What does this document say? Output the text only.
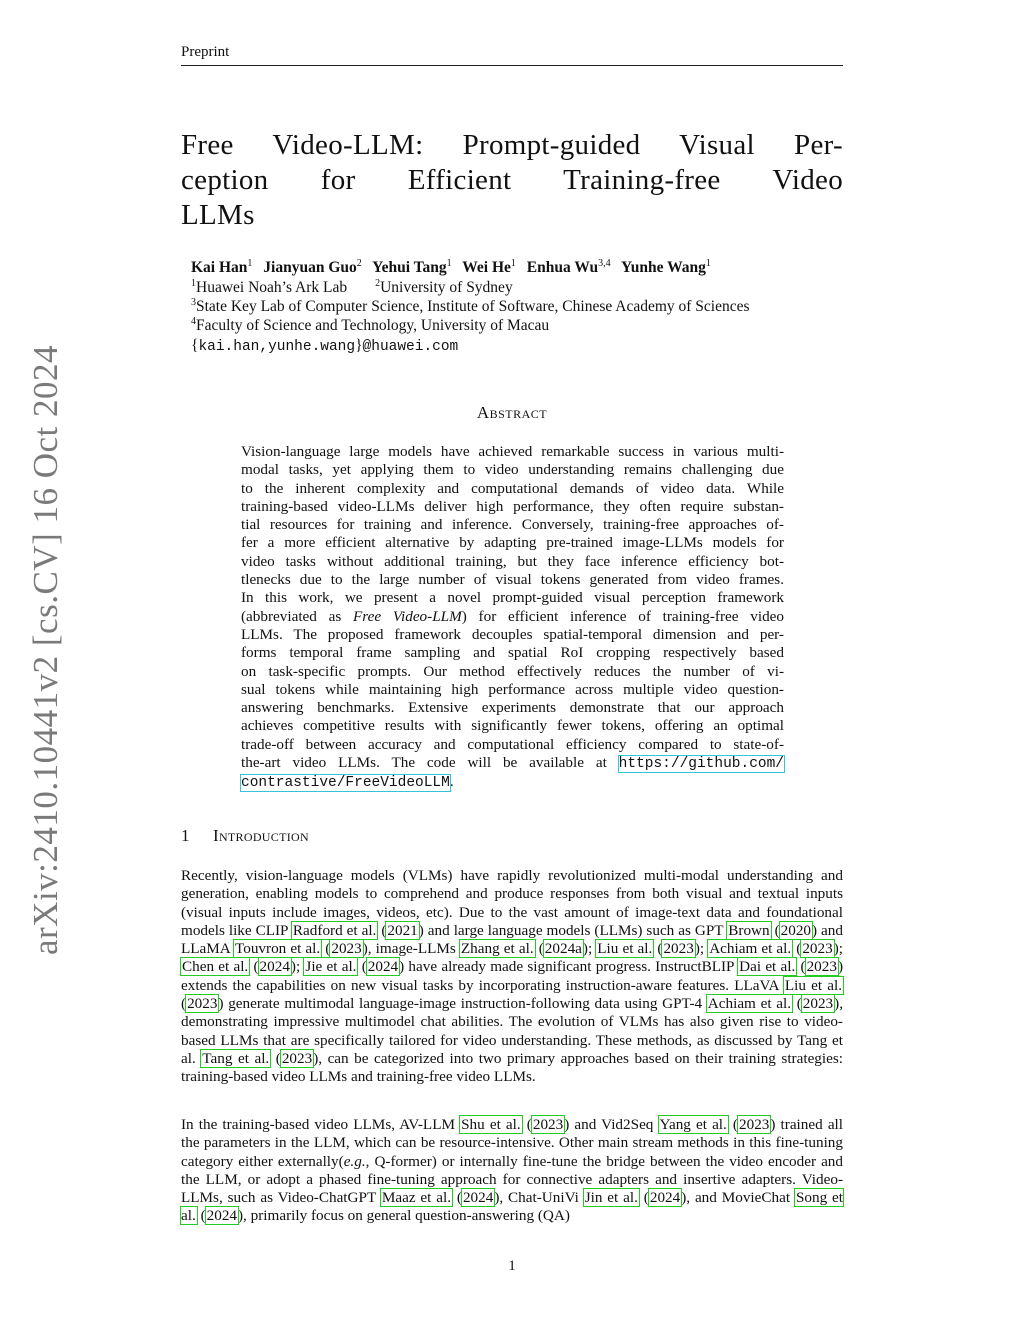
Preprint
arXiv:2410.10441v2 [cs.CV] 16 Oct 2024
Free Video-LLM: Prompt-guided Visual Per-
ception for Efficient Training-free Video
LLMs
Kai Han$^1$ Jianyuan Guo$^2$ Yehui Tang$^1$ Wei He$^1$ Enhua Wu$^{3,4}$ Yunhe Wang$^1$
$^1$Huawei Noah’s Ark Lab	$^2$University of Sydney
$^3$State Key Lab of Computer Science, Institute of Software, Chinese Academy of Sciences
$^4$Faculty of Science and Technology, University of Macau
{kai.han,yunhe.wang}@huawei.com
Abstract
Vision-language large models have achieved remarkable success in various multi- modal tasks, yet applying them to video understanding remains challenging due to the inherent complexity and computational demands of video data. While training-based video-LLMs deliver high performance, they often require substan- tial resources for training and inference. Conversely, training-free approaches of- fer a more efficient alternative by adapting pre-trained image-LLMs models for video tasks without additional training, but they face inference efficiency bot- tlenecks due to the large number of visual tokens generated from video frames. In this work, we present a novel prompt-guided visual perception framework (abbreviated as Free Video-LLM) for efficient inference of training-free video LLMs. The proposed framework decouples spatial-temporal dimension and per- forms temporal frame sampling and spatial RoI cropping respectively based on task-specific prompts. Our method effectively reduces the number of vi- sual tokens while maintaining high performance across multiple video question- answering benchmarks. Extensive experiments demonstrate that our approach achieves competitive results with significantly fewer tokens, offering an optimal trade-off between accuracy and computational efficiency compared to state-of- the-art video LLMs. The code will be available at https://github.com/
contrastive/FreeVideoLLM.
1 Introduction
Recently, vision-language models (VLMs) have rapidly revolutionized multi-modal understanding and generation, enabling models to comprehend and produce responses from both visual and textual inputs (visual inputs include images, videos, etc). Due to the vast amount of image-text data and foundational models like CLIP Radford et al. (2021) and large language models (LLMs) such as GPT Brown (2020) and LLaMA Touvron et al. (2023), image-LLMs Zhang et al. (2024a); Liu et al. (2023); Achiam et al. (2023); Chen et al. (2024); Jie et al. (2024) have already made significant progress. InstructBLIP Dai et al. (2023) extends the capabilities on new visual tasks by incorporating instruction-aware features. LLaVA Liu et al. (2023) generate multimodal language-image instruction-following data using GPT-4 Achiam et al. (2023), demonstrating impressive multimodel chat abilities. The evolution of VLMs has also given rise to video-based LLMs that are specifically tailored for video understanding. These methods, as discussed by Tang et al. Tang et al. (2023), can be categorized into two primary approaches based on their training strategies: training-based video LLMs and training-free video LLMs.
In the training-based video LLMs, AV-LLM Shu et al. (2023) and Vid2Seq Yang et al. (2023) trained all the parameters in the LLM, which can be resource-intensive. Other main stream methods in this fine-tuning category either externally(e.g., Q-former) or internally fine-tune the bridge between the video encoder and the LLM, or adopt a phased fine-tuning approach for connective adapters and insertive adapters. Video-LLMs, such as Video-ChatGPT Maaz et al. (2024), Chat-UniVi Jin et al. (2024), and MovieChat Song et al. (2024), primarily focus on general question-answering (QA)
1
